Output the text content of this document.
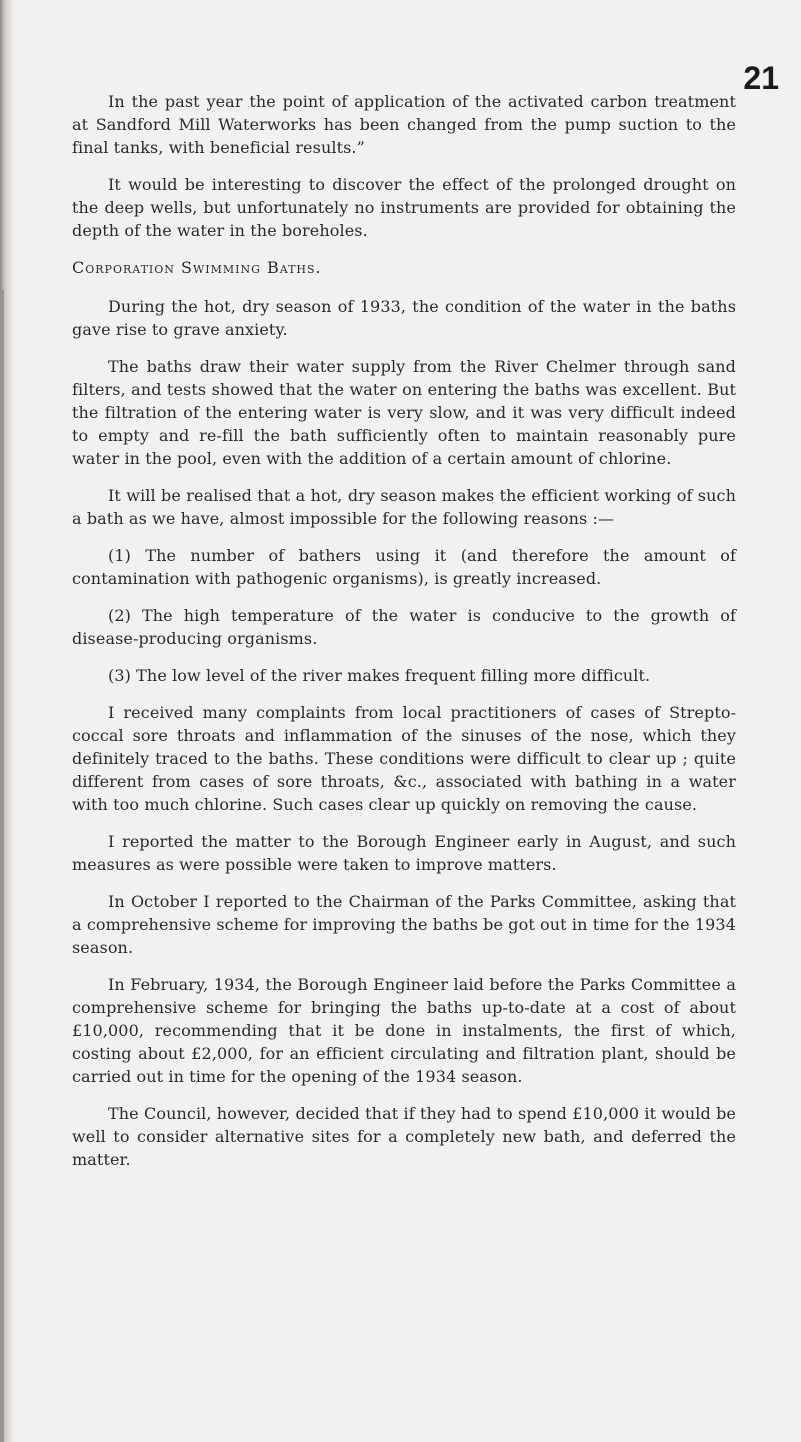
21

In the past year the point of application of the activated carbon treatment at Sandford Mill Waterworks has been changed from the pump suction to the final tanks, with beneficial results.”

It would be interesting to discover the effect of the prolonged drought on the deep wells, but unfortunately no instruments are provided for obtaining the depth of the water in the boreholes.

Corporation Swimming Baths.

During the hot, dry season of 1933, the condition of the water in the baths gave rise to grave anxiety.

The baths draw their water supply from the River Chelmer through sand filters, and tests showed that the water on entering the baths was excellent. But the filtration of the entering water is very slow, and it was very difficult indeed to empty and re-fill the bath sufficiently often to maintain reasonably pure water in the pool, even with the addition of a certain amount of chlorine.

It will be realised that a hot, dry season makes the efficient working of such a bath as we have, almost impossible for the following reasons :—

(1) The number of bathers using it (and therefore the amount of contamination with pathogenic organisms), is greatly increased.

(2) The high temperature of the water is conducive to the growth of disease-producing organisms.

(3) The low level of the river makes frequent filling more difficult.

I received many complaints from local practitioners of cases of Streptococcal sore throats and inflammation of the sinuses of the nose, which they definitely traced to the baths. These conditions were difficult to clear up ; quite different from cases of sore throats, &c., associated with bathing in a water with too much chlorine. Such cases clear up quickly on removing the cause.

I reported the matter to the Borough Engineer early in August, and such measures as were possible were taken to improve matters.

In October I reported to the Chairman of the Parks Committee, asking that a comprehensive scheme for improving the baths be got out in time for the 1934 season.

In February, 1934, the Borough Engineer laid before the Parks Committee a comprehensive scheme for bringing the baths up-to-date at a cost of about £10,000, recommending that it be done in instalments, the first of which, costing about £2,000, for an efficient circulating and filtration plant, should be carried out in time for the opening of the 1934 season.

The Council, however, decided that if they had to spend £10,000 it would be well to consider alternative sites for a completely new bath, and deferred the matter.
